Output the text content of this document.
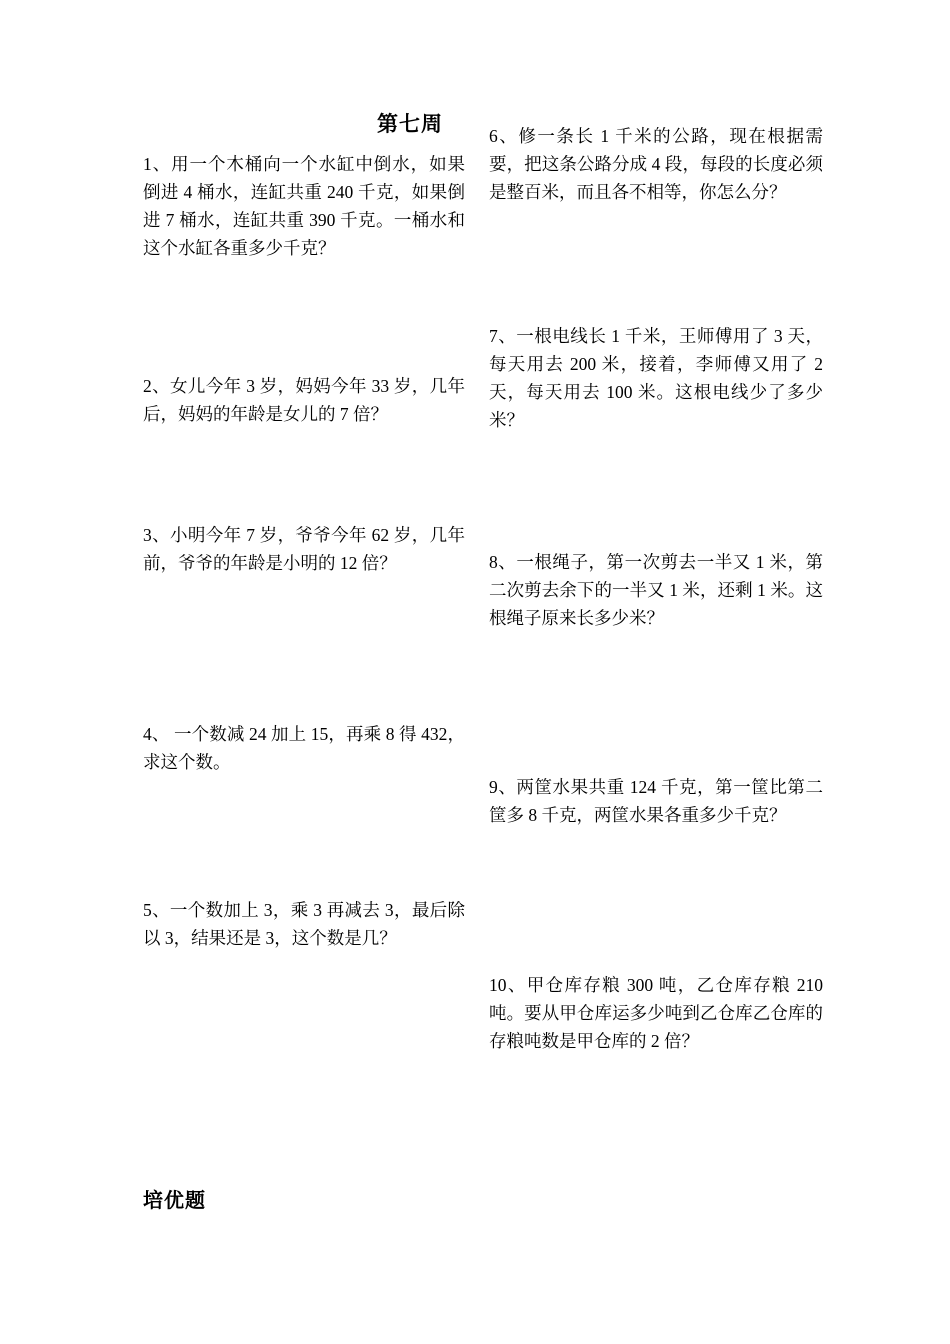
第七周
1、用一个木桶向一个水缸中倒水，如果倒进 4 桶水，连缸共重 240 千克，如果倒进 7 桶水，连缸共重 390 千克。一桶水和这个水缸各重多少千克？
2、女儿今年 3 岁，妈妈今年 33 岁，几年后，妈妈的年龄是女儿的 7 倍？
3、小明今年 7 岁，爷爷今年 62 岁，几年前，爷爷的年龄是小明的 12 倍？
4、 一个数减 24 加上 15，再乘 8 得 432，求这个数。
5、一个数加上 3，乘 3 再减去 3，最后除以 3，结果还是 3，这个数是几？
6、修一条长 1 千米的公路，现在根据需要，把这条公路分成 4 段，每段的长度必须是整百米，而且各不相等，你怎么分？
7、一根电线长 1 千米，王师傅用了 3 天，每天用去 200 米，接着，李师傅又用了 2 天，每天用去 100 米。这根电线少了多少米？
8、一根绳子，第一次剪去一半又 1 米，第二次剪去余下的一半又 1 米，还剩 1 米。这根绳子原来长多少米？
9、两筐水果共重 124 千克，第一筐比第二筐多 8 千克，两筐水果各重多少千克？
10、甲仓库存粮 300 吨，乙仓库存粮 210 吨。要从甲仓库运多少吨到乙仓库乙仓库的存粮吨数是甲仓库的 2 倍？
培优题
